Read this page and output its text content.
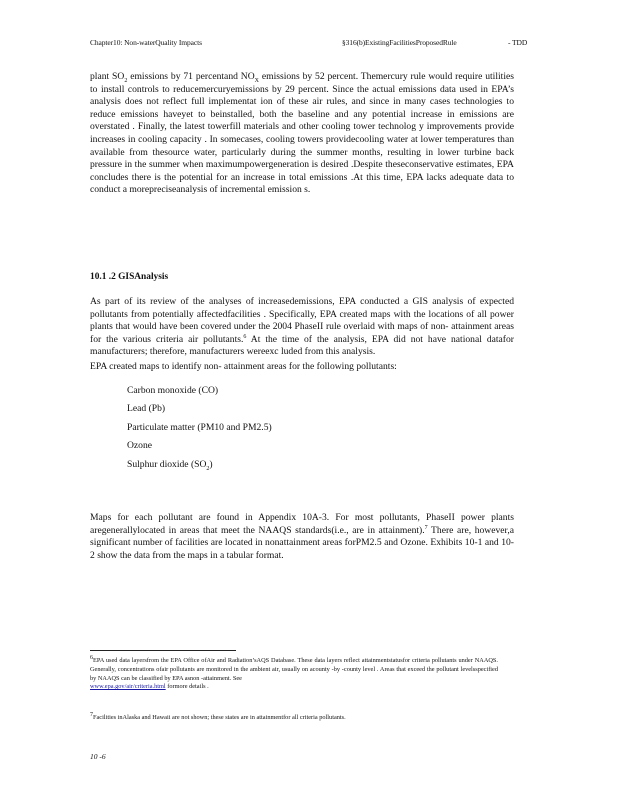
Chapter10: Non-waterQuality Impacts	§316(b)ExistingFacilitiesProposedRule	- TDD

plant $SO_2$ emissions by 71 percentand $NO_X$ emissions by 52 percent. Themercury rule would require utilities to install controls to reducemercuryemissions by 29 percent. Since the actual emissions data used in EPA’s analysis does not reflect full implementat ion of these air rules, and since in many cases technologies to reduce emissions haveyet to beinstalled, both the baseline and any potential increase in emissions are overstated . Finally, the latest towerfill materials and other cooling tower technolog y improvements provide increases in cooling capacity . In somecases, cooling towers providecooling water at lower temperatures than available from thesource water, particularly during the summer months, resulting in lower turbine back pressure in the summer when maximumpowergeneration is desired .Despite theseconservative estimates, EPA concludes there is the potential for an increase in total emissions .At this time, EPA lacks adequate data to conduct a morepreciseanalysis of incremental emission s.

10.1 .2 GISAnalysis

As part of its review of the analyses of increasedemissions, EPA conducted a GIS analysis of expected pollutants from potentially affectedfacilities . Specifically, EPA created maps with the locations of all power plants that would have been covered under the 2004 PhaseII rule overlaid with maps of non- attainment areas for the various criteria air pollutants.$^6$ At the time of the analysis, EPA did not have national datafor manufacturers; therefore, manufacturers wereexc luded from this analysis.

EPA created maps to identify non- attainment areas for the following pollutants:
Carbon monoxide (CO)
Lead (Pb)
Particulate matter (PM10 and PM2.5)
Ozone
Sulphur dioxide $(SO_2)$

Maps for each pollutant are found in Appendix 10A-3. For most pollutants, PhaseII power plants aregenerallylocated in areas that meet the NAAQS standards(i.e., are in attainment).$^7$ There are, however,a significant number of facilities are located in nonattainment areas forPM2.5 and Ozone. Exhibits 10-1 and 10-2 show the data from the maps in a tabular format.

$^6$EPA used data layersfrom the EPA Office ofAir and Radiation’sAQS Database. These data layers reflect attainmentstatusfor criteria pollutants under NAAQS. Generally, concentrations ofair pollutants are monitored in the ambient air, usually on acounty -by -county level . Areas that exceed the pollutant levelsspecified by NAAQS can be classified by EPA asnon -attainment. See
www.epa.gov/air/criteria.html formore details .
$^7$Facilities inAlaska and Hawaii are not shown; these states are in attainmentfor all criteria pollutants.
10 -6
